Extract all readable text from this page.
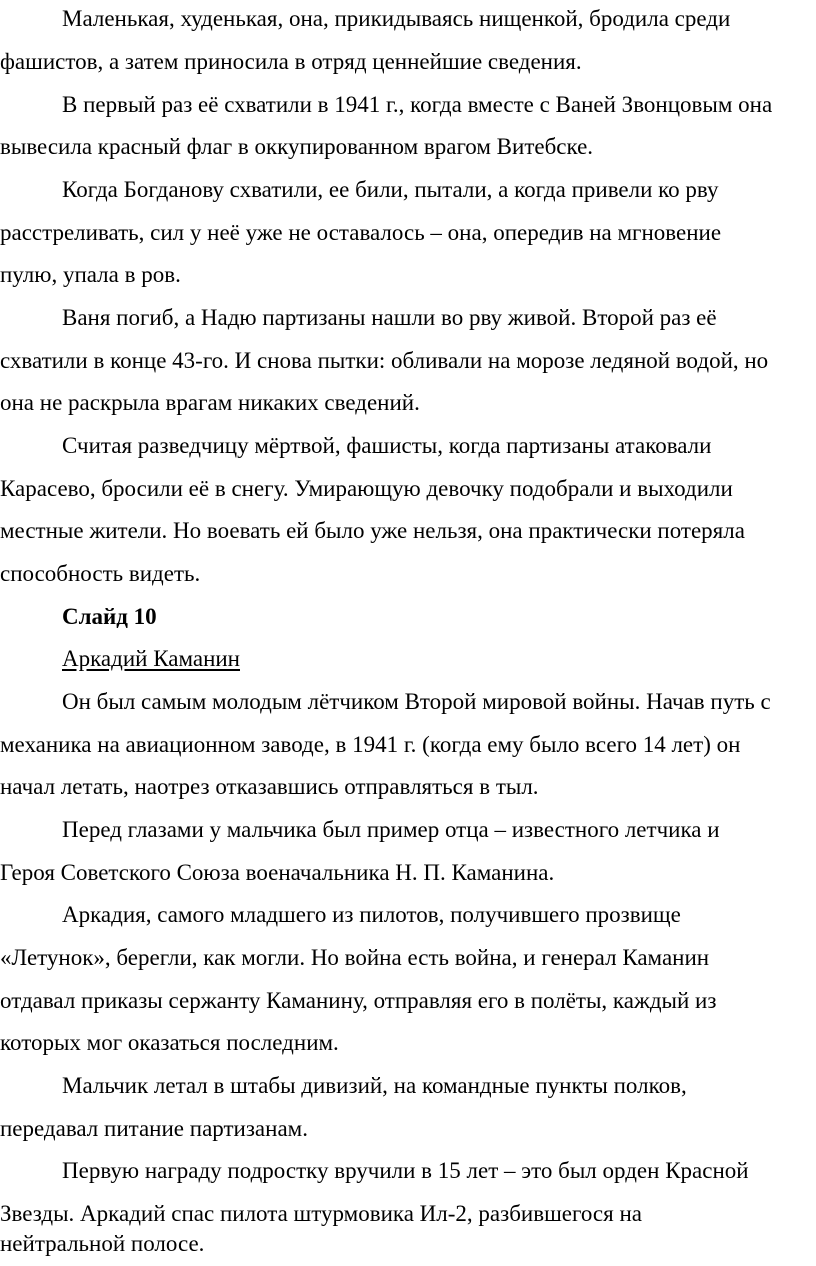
Маленькая, худенькая, она, прикидываясь нищенкой, бродила среди
фашистов, а затем приносила в отряд ценнейшие сведения.
В первый раз её схватили в 1941 г., когда вместе с Ваней Звонцовым она
вывесила красный флаг в оккупированном врагом Витебске.
Когда Богданову схватили, ее били, пытали, а когда привели ко рву
расстреливать, сил у неё уже не оставалось – она, опередив на мгновение
пулю, упала в ров.
Ваня погиб, а Надю партизаны нашли во рву живой. Второй раз её
схватили в конце 43-го. И снова пытки: обливали на морозе ледяной водой, но
она не раскрыла врагам никаких сведений.
Считая разведчицу мёртвой, фашисты, когда партизаны атаковали
Карасево, бросили её в снегу. Умирающую девочку подобрали и выходили
местные жители. Но воевать ей было уже нельзя, она практически потеряла
способность видеть.
Слайд 10
Аркадий Каманин
Он был самым молодым лётчиком Второй мировой войны. Начав путь с
механика на авиационном заводе, в 1941 г. (когда ему было всего 14 лет) он
начал летать, наотрез отказавшись отправляться в тыл.
Перед глазами у мальчика был пример отца – известного летчика и
Героя Советского Союза военачальника Н. П. Каманина.
Аркадия, самого младшего из пилотов, получившего прозвище
«Летунок», берегли, как могли. Но война есть война, и генерал Каманин
отдавал приказы сержанту Каманину, отправляя его в полёты, каждый из
которых мог оказаться последним.
Мальчик летал в штабы дивизий, на командные пункты полков,
передавал питание партизанам.
Первую награду подростку вручили в 15 лет – это был орден Красной
Звезды. Аркадий спас пилота штурмовика Ил-2, разбившегося на
нейтральной полосе.
